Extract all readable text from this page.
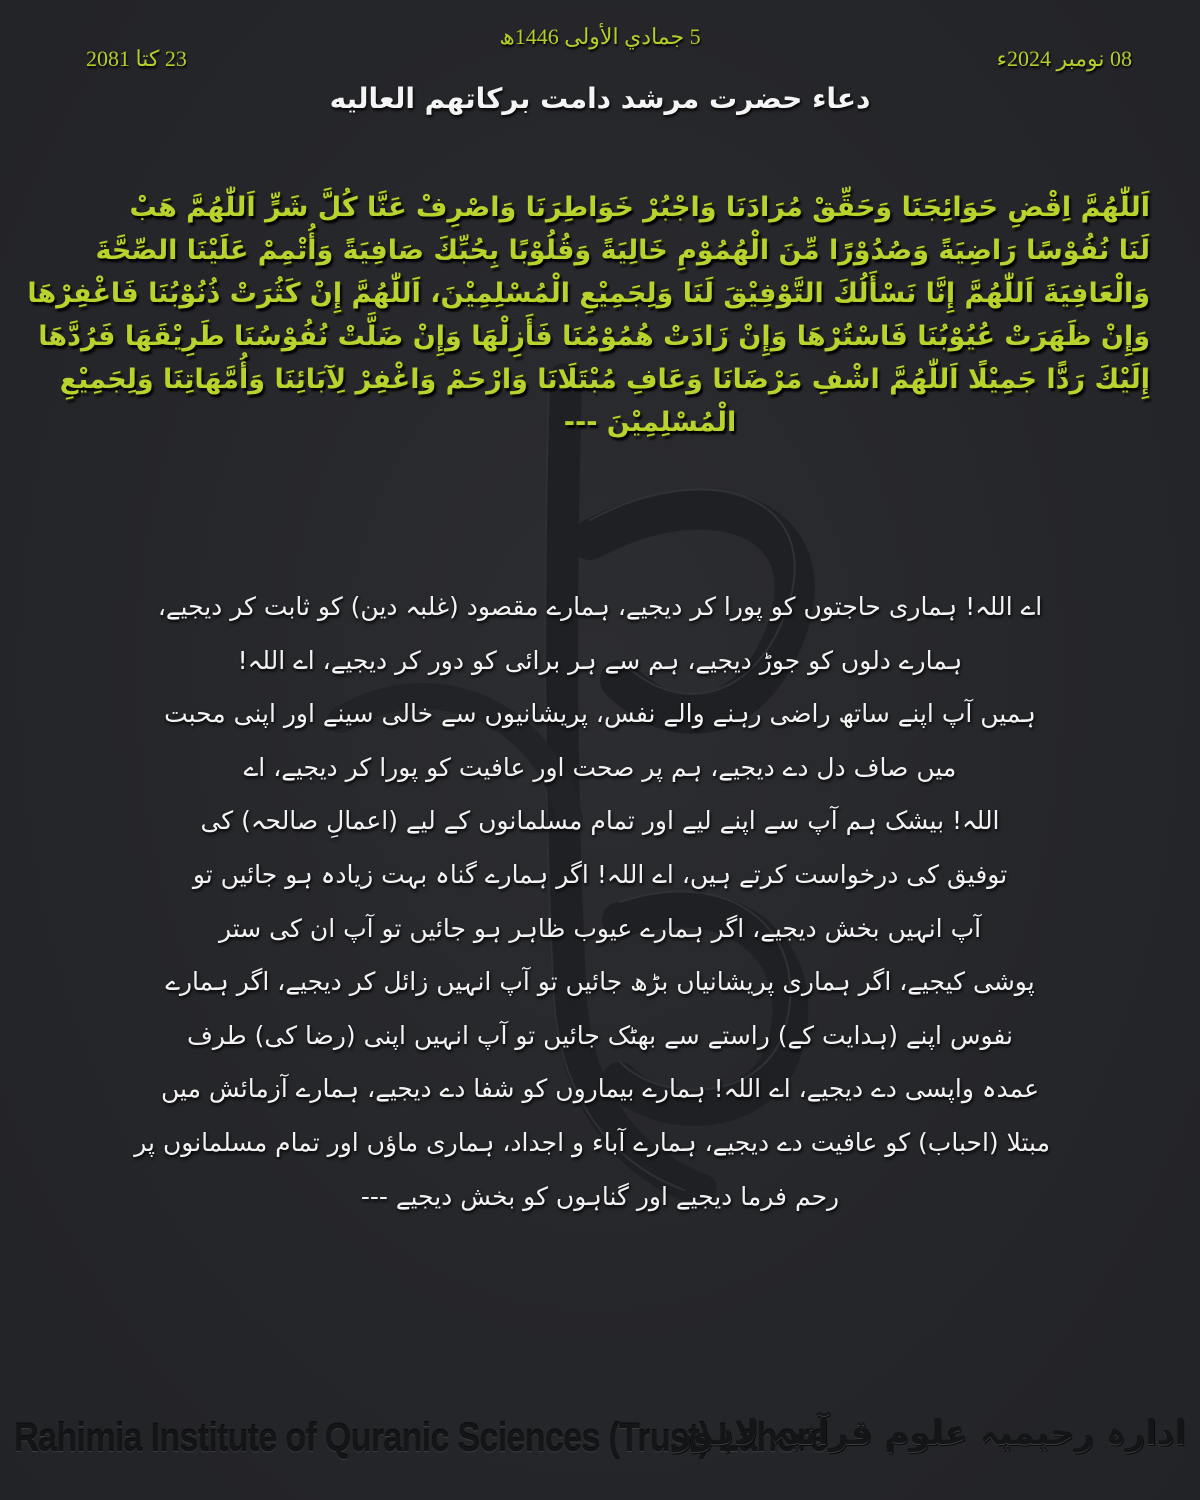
5 جمادي الأولى 1446ھ
08 نومبر 2024ء
23 کتا 2081
دعاء حضرت مرشد دامت برکاتهم العالیه
اَللّٰهُمَّ اِقْضِ حَوَائِجَنَا وَحَقِّقْ مُرَادَنَا وَاجْبُرْ خَوَاطِرَنَا وَاصْرِفْ عَنَّا كُلَّ شَرٍّ اَللّٰهُمَّ هَبْ
لَنَا نُفُوْسًا رَاضِيَةً وَصُدُوْرًا مِّنَ الْهُمُوْمِ خَالِيَةً وَقُلُوْبًا بِحُبِّكَ صَافِيَةً وَأُتْمِمْ عَلَيْنَا الصِّحَّةَ
وَالْعَافِيَةَ اَللّٰهُمَّ إِنَّا نَسْأَلُكَ التَّوْفِيْقَ لَنَا وَلِجَمِيْعِ الْمُسْلِمِيْنَ، اَللّٰهُمَّ إِنْ كَثُرَتْ ذُنُوْبُنَا فَاغْفِرْهَا
وَإِنْ ظَهَرَتْ عُيُوْبُنَا فَاسْتُرْهَا وَإِنْ زَادَتْ هُمُوْمُنَا فَأَزِلْهَا وَإِنْ ضَلَّتْ نُفُوْسُنَا طَرِيْقَهَا فَرُدَّهَا
إِلَيْكَ رَدًّا جَمِيْلًا اَللّٰهُمَّ اشْفِ مَرْضَانَا وَعَافِ مُبْتَلَانَا وَارْحَمْ وَاغْفِرْ لِآبَائِنَا وَأُمَّهَاتِنَا وَلِجَمِيْعِ
الْمُسْلِمِيْنَ ---
اے اللہ! ہماری حاجتوں کو پورا کر دیجیے، ہمارے مقصود (غلبہ دین) کو ثابت کر دیجیے،
ہمارے دلوں کو جوڑ دیجیے، ہم سے ہر برائی کو دور کر دیجیے، اے اللہ!
ہمیں آپ اپنے ساتھ راضی رہنے والے نفس، پریشانیوں سے خالی سینے اور اپنی محبت
میں صاف دل دے دیجیے، ہم پر صحت اور عافیت کو پورا کر دیجیے، اے
اللہ! بیشک ہم آپ سے اپنے لیے اور تمام مسلمانوں کے لیے (اعمالِ صالحہ) کی
توفیق کی درخواست کرتے ہیں، اے اللہ! اگر ہمارے گناہ بہت زیادہ ہو جائیں تو
آپ انہیں بخش دیجیے، اگر ہمارے عیوب ظاہر ہو جائیں تو آپ ان کی ستر
پوشی کیجیے، اگر ہماری پریشانیاں بڑھ جائیں تو آپ انہیں زائل کر دیجیے، اگر ہمارے
نفوس اپنے (ہدایت کے) راستے سے بھٹک جائیں تو آپ انہیں اپنی (رضا کی) طرف
عمدہ واپسی دے دیجیے، اے اللہ! ہمارے بیماروں کو شفا دے دیجیے، ہمارے آزمائش میں
مبتلا (احباب) کو عافیت دے دیجیے، ہمارے آباء و اجداد، ہماری ماؤں اور تمام مسلمانوں پر
رحم فرما دیجیے اور گناہوں کو بخش دیجیے ---
Rahimia Institute of Quranic Sciences (Trust) Lahore
ادارہ رحیمیہ علوم قرآنیہ لاہور
